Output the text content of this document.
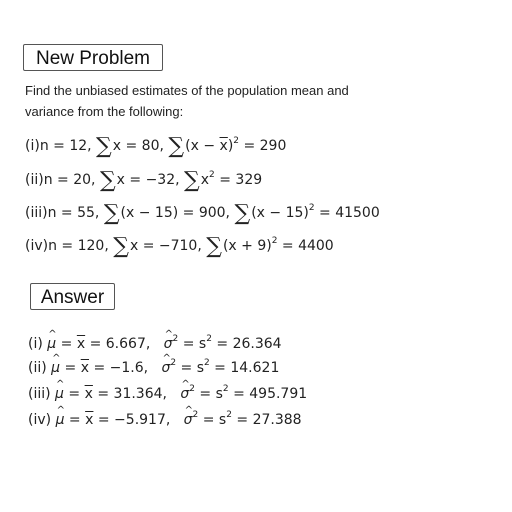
New Problem
Find the unbiased estimates of the population mean and
variance from the following:
(i)n = 12, ∑x = 80, $\sum(x - \overline{x})^2 = 290$
(ii)n = 20, ∑x = −32, $\sum x^2 = 329$
(iii)n = 55, ∑(x − 15) = 900, $\sum(x - 15)^2 = 41500$
(iv)n = 120, ∑x = −710, $\sum(x + 9)^2 = 4400$
Answer
(i) μ ^ = $\overline{x} = 6.667$, σ ^$^2$ = $s^2 = 26.364$
(ii) μ ^ = $\overline{x} = -1.6$, σ ^$^2$ = $s^2 = 14.621$
(iii) μ ^ = $\overline{x} = 31.364$, σ ^$^2$ = $s^2 = 495.791$
(iv) μ ^ = $\overline{x} = -5.917$, σ ^$^2$ = $s^2 = 27.388$
